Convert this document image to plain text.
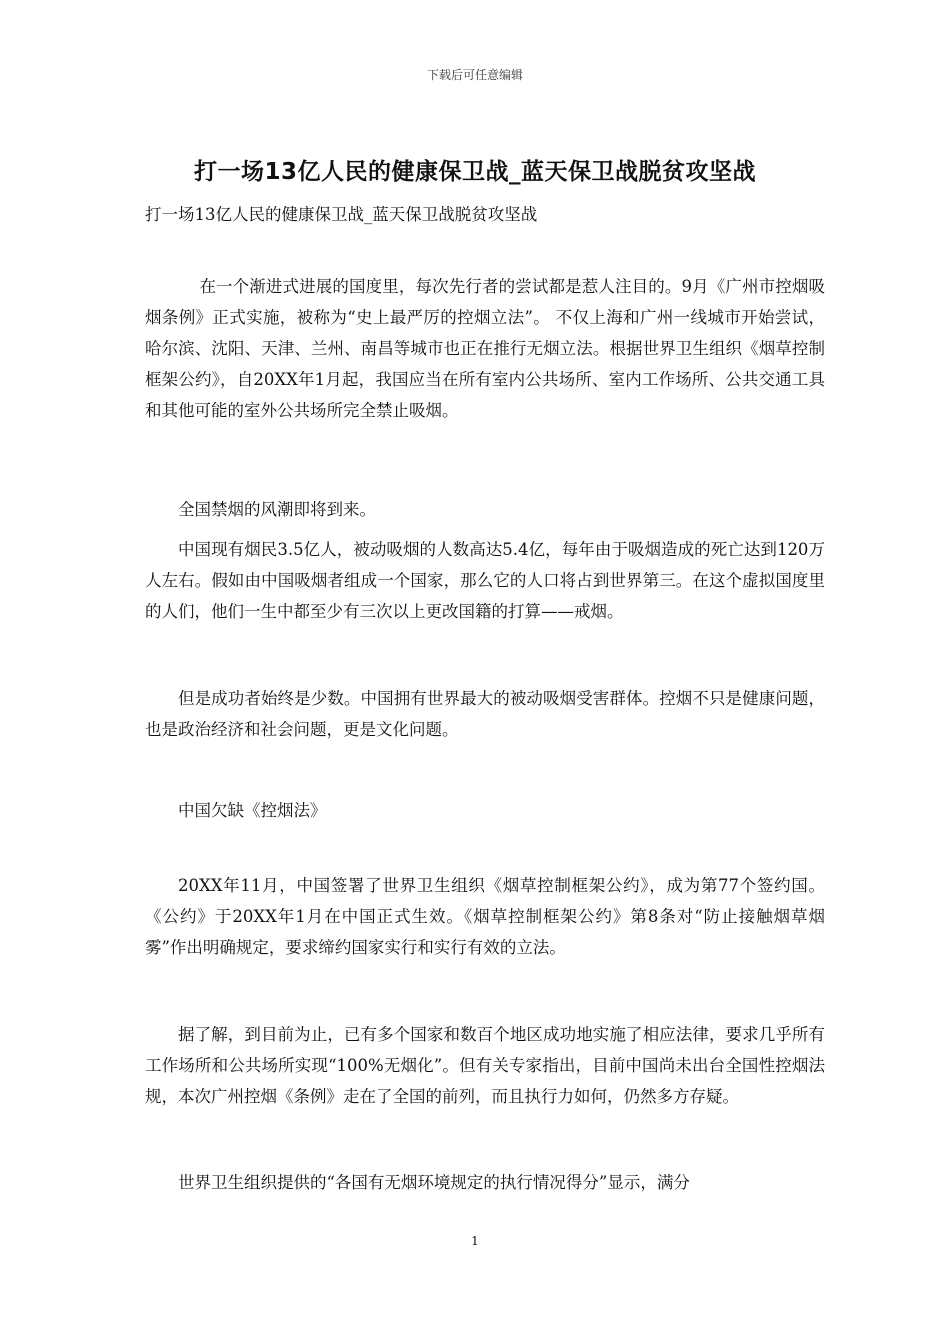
下载后可任意编辑
打一场13亿人民的健康保卫战_蓝天保卫战脱贫攻坚战
打一场13亿人民的健康保卫战_蓝天保卫战脱贫攻坚战
在一个渐进式进展的国度里，每次先行者的尝试都是惹人注目的。9月《广州市控烟吸烟条例》正式实施，被称为“史上最严厉的控烟立法”。 不仅上海和广州一线城市开始尝试，哈尔滨、沈阳、天津、兰州、南昌等城市也正在推行无烟立法。根据世界卫生组织《烟草控制框架公约》，自20XX年1月起，我国应当在所有室内公共场所、室内工作场所、公共交通工具和其他可能的室外公共场所完全禁止吸烟。
全国禁烟的风潮即将到来。
中国现有烟民3.5亿人，被动吸烟的人数高达5.4亿，每年由于吸烟造成的死亡达到120万人左右。假如由中国吸烟者组成一个国家，那么它的人口将占到世界第三。在这个虚拟国度里的人们，他们一生中都至少有三次以上更改国籍的打算——戒烟。
但是成功者始终是少数。中国拥有世界最大的被动吸烟受害群体。控烟不只是健康问题，也是政治经济和社会问题，更是文化问题。
中国欠缺《控烟法》
20XX年11月，中国签署了世界卫生组织《烟草控制框架公约》，成为第77个签约国。《公约》于20XX年1月在中国正式生效。《烟草控制框架公约》第8条对“防止接触烟草烟雾”作出明确规定，要求缔约国家实行和实行有效的立法。
据了解，到目前为止，已有多个国家和数百个地区成功地实施了相应法律，要求几乎所有工作场所和公共场所实现“100%无烟化”。但有关专家指出，目前中国尚未出台全国性控烟法规，本次广州控烟《条例》走在了全国的前列，而且执行力如何，仍然多方存疑。
世界卫生组织提供的“各国有无烟环境规定的执行情况得分”显示，满分
1
